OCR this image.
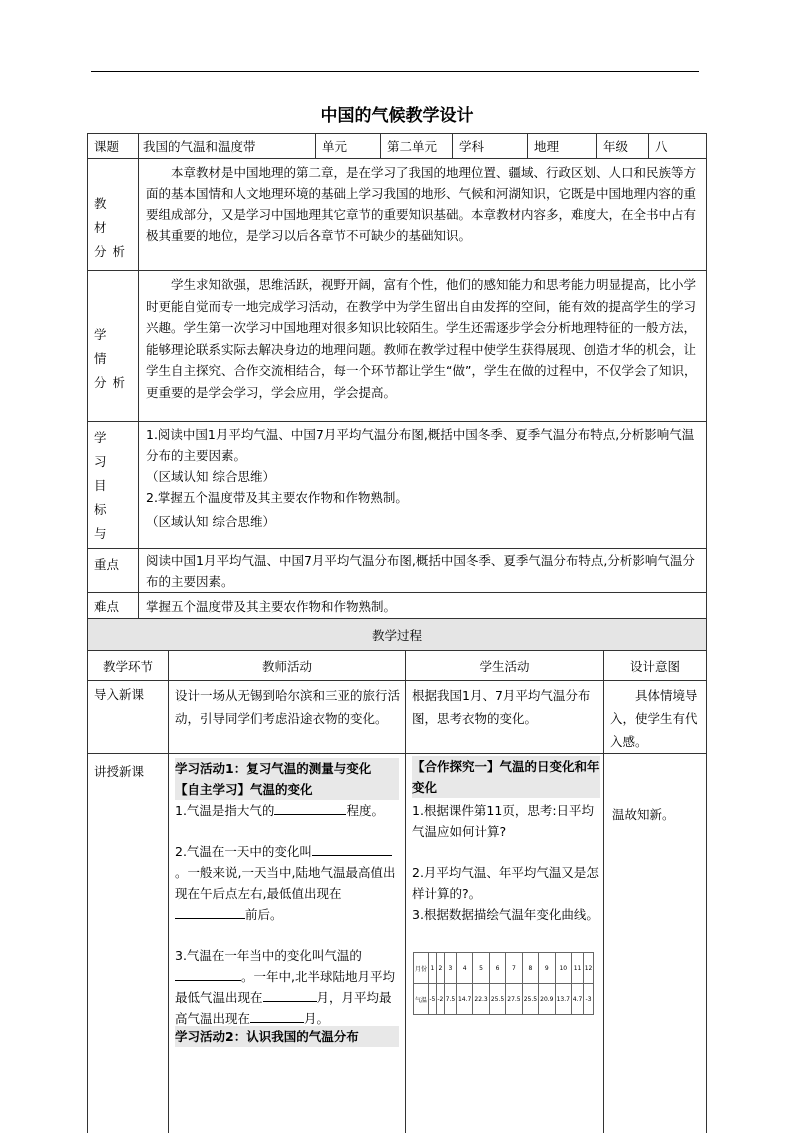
中国的气候教学设计
课题 我国的气温和温度带	单元	第二单元 学科	地理	年级 八
教 材 分析
本章教材是中国地理的第二章，是在学习了我国的地理位置、疆域、行政区划、人口和民族等方面的基本国情和人文地理环境的基础上学习我国的地形、气候和河湖知识，它既是中国地理内容的重要组成部分，又是学习中国地理其它章节的重要知识基础。本章教材内容多，难度大，在全书中占有极其重要的地位，是学习以后各章节不可缺少的基础知识。
学 情 分析
学生求知欲强，思维活跃，视野开阔，富有个性，他们的感知能力和思考能力明显提高，比小学时更能自觉而专一地完成学习活动，在教学中为学生留出自由发挥的空间，能有效的提高学生的学习兴趣。学生第一次学习中国地理对很多知识比较陌生。学生还需逐步学会分析地理特征的一般方法，能够理论联系实际去解决身边的地理问题。教师在教学过程中使学生获得展现、创造才华的机会，让学生自主探究、合作交流相结合，每一个环节都让学生“做”，学生在做的过程中，不仅学会了知识，更重要的是学会学习，学会应用，学会提高。
学 习 目 标 与
1.阅读中国1月平均气温、中国7月平均气温分布图,概括中国冬季、夏季气温分布特点,分析影响气温分布的主要因素。
（区域认知 综合思维）
2.掌握五个温度带及其主要农作物和作物熟制。
（区域认知 综合思维）
重点 阅读中国1月平均气温、中国7月平均气温分布图,概括中国冬季、夏季气温分布特点,分析影响气温分布的主要因素。
难点 掌握五个温度带及其主要农作物和作物熟制。
教学过程
教学环节	教师活动	学生活动	设计意图
导入新课 设计一场从无锡到哈尔滨和三亚的旅行活动，引导同学们考虑沿途衣物的变化。
根据我国1月、7月平均气温分布图，思考衣物的变化。
具体情境导入，使学生有代入感。
讲授新课 学习活动1：复习气温的测量与变化　　【自主学习】气温的变化
1.气温是指大气的	程度。
2.气温在一天中的变化叫。一般来说,一天当中,陆地气温最高值出现在午后点左右,最低值出现在前后。
3.气温在一年当中的变化叫气温的。一年中,北半球陆地月平均最低气温出现在	月，月平均最高气温出现在	月。
学习活动2：认识我国的气温分布
【合作探究一】气温的日变化和年变化
1.根据课件第11页，思考:日平均气温应如何计算?
2.月平均气温、年平均气温又是怎样计算的?。
3.根据数据描绘气温年变化曲线。
温故知新。
月份	1	2	3	4	5	6	7	8	9	10	11	12
气温	-5	-2	7.5	14.7	22.3	25.5	27.5	25.5	20.9	13.7	4.7	-3
